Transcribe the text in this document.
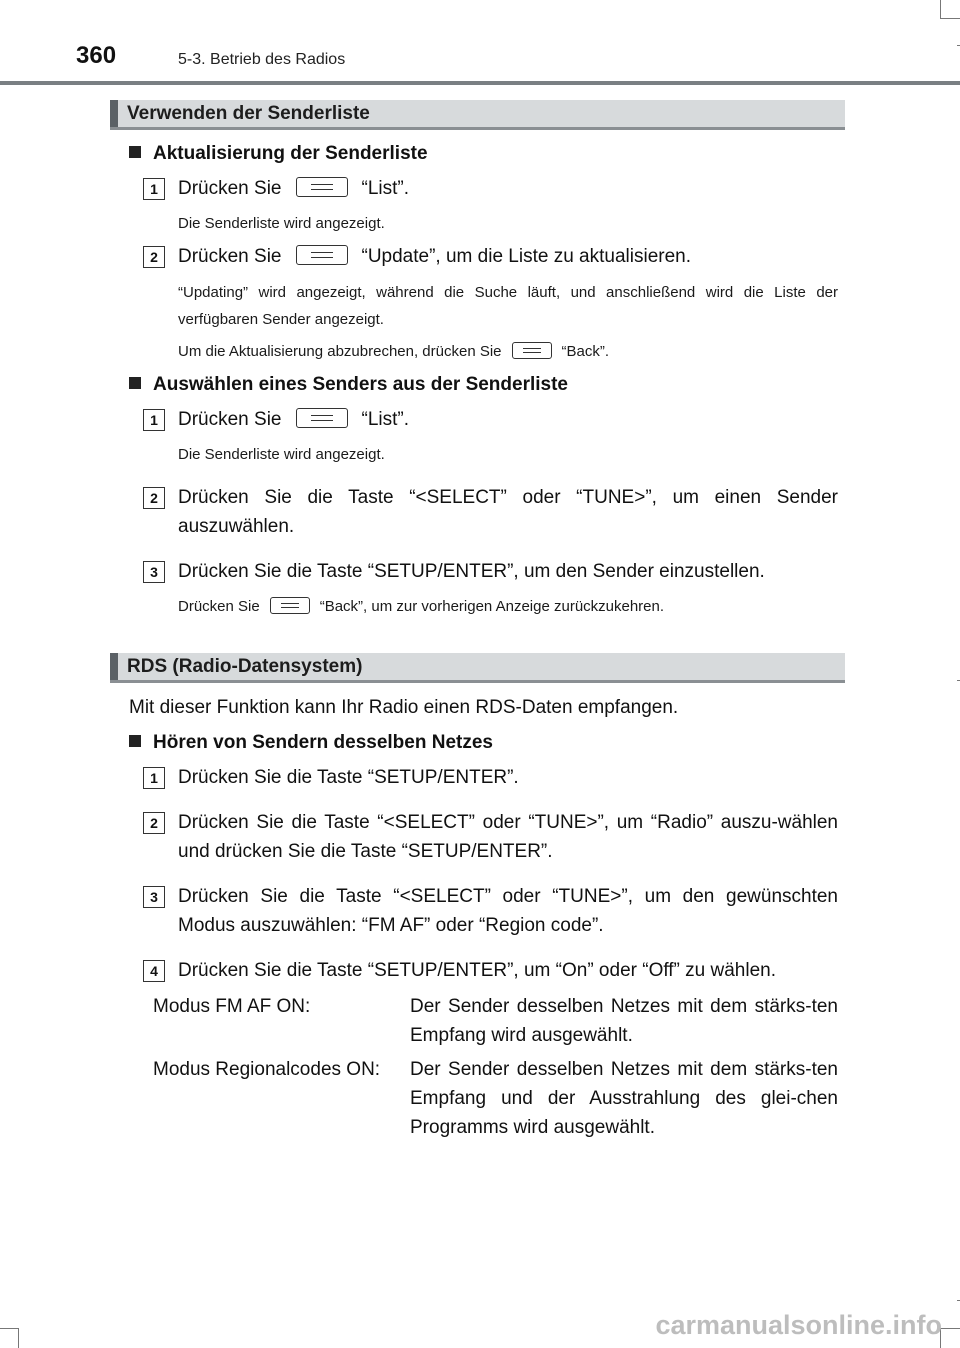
360	5-3. Betrieb des Radios
Verwenden der Senderliste
Aktualisierung der Senderliste
1	Drücken Sie	“List”.
Die Senderliste wird angezeigt.
2	Drücken Sie	“Update”, um die Liste zu aktualisieren.
“Updating” wird angezeigt, während die Suche läuft, und anschließend wird die Liste der verfügbaren Sender angezeigt.
Um die Aktualisierung abzubrechen, drücken Sie	“Back”.
Auswählen eines Senders aus der Senderliste
1	Drücken Sie	“List”.
Die Senderliste wird angezeigt.
2	Drücken Sie die Taste “<SELECT” oder “TUNE>”, um einen Sender auszuwählen.
3	Drücken Sie die Taste “SETUP/ENTER”, um den Sender einzustellen.
Drücken Sie	“Back”, um zur vorherigen Anzeige zurückzukehren.
RDS (Radio-Datensystem)
Mit dieser Funktion kann Ihr Radio einen RDS-Daten empfangen.
Hören von Sendern desselben Netzes
1	Drücken Sie die Taste “SETUP/ENTER”.
2	Drücken Sie die Taste “<SELECT” oder “TUNE>”, um “Radio” auszu-wählen und drücken Sie die Taste “SETUP/ENTER”.
3	Drücken Sie die Taste “<SELECT” oder “TUNE>”, um den gewünschten Modus auszuwählen: “FM AF” oder “Region code”.
4	Drücken Sie die Taste “SETUP/ENTER”, um “On” oder “Off” zu wählen.
Modus FM AF ON:	Der Sender desselben Netzes mit dem stärks-ten Empfang wird ausgewählt.
Modus Regionalcodes ON: Der Sender desselben Netzes mit dem stärks-ten Empfang und der Ausstrahlung des glei-chen Programms wird ausgewählt.
carmanualsonline.info
